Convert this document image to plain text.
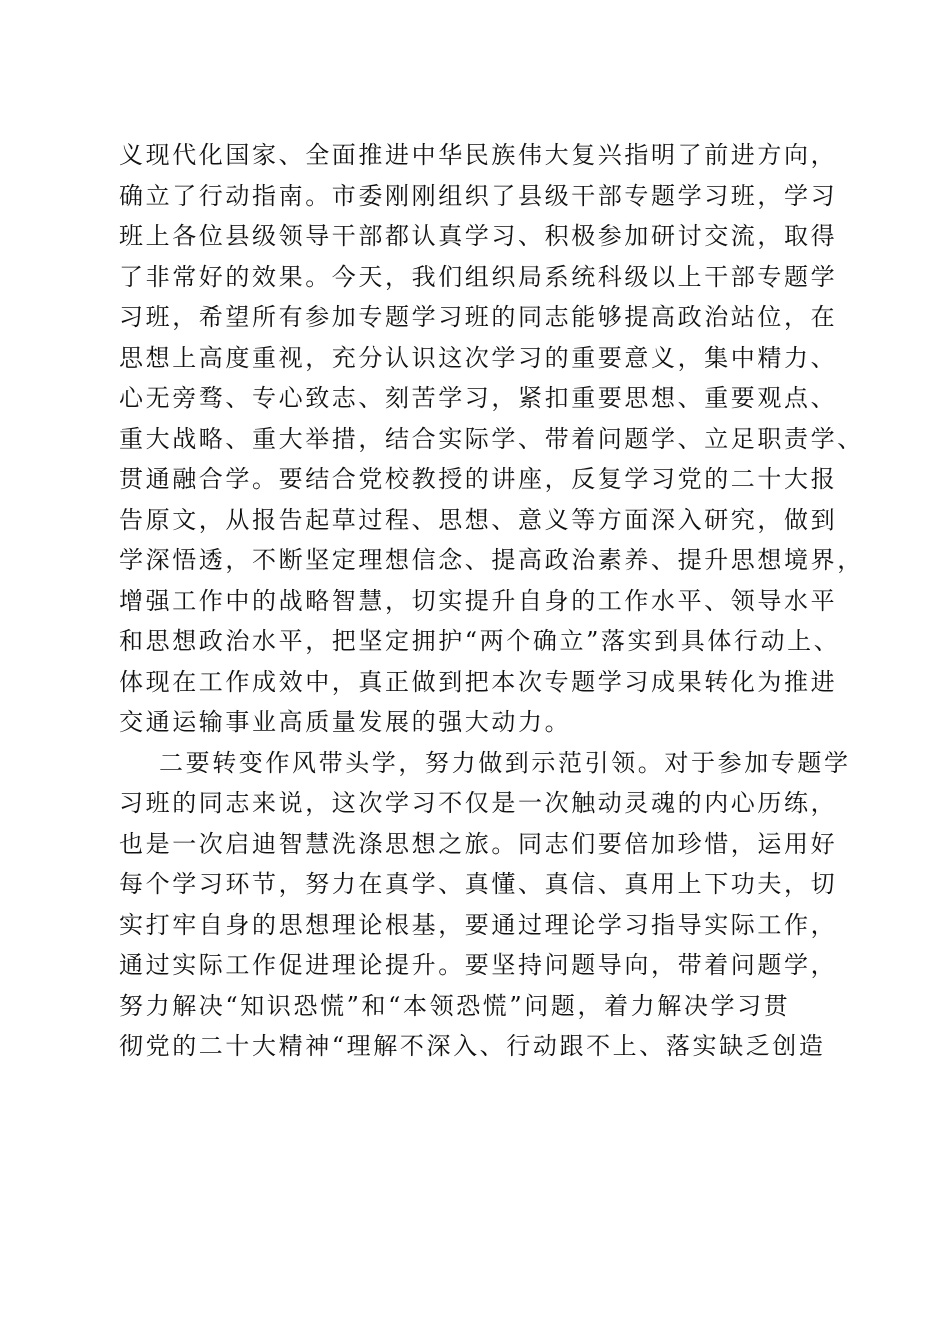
义现代化国家、全面推进中华民族伟大复兴指明了前进方向，
确立了行动指南。市委刚刚组织了县级干部专题学习班，学习
班上各位县级领导干部都认真学习、积极参加研讨交流，取得
了非常好的效果。今天，我们组织局系统科级以上干部专题学
习班，希望所有参加专题学习班的同志能够提高政治站位，在
思想上高度重视，充分认识这次学习的重要意义，集中精力、
心无旁骛、专心致志、刻苦学习，紧扣重要思想、重要观点、
重大战略、重大举措，结合实际学、带着问题学、立足职责学、
贯通融合学。要结合党校教授的讲座，反复学习党的二十大报
告原文，从报告起草过程、思想、意义等方面深入研究，做到
学深悟透，不断坚定理想信念、提高政治素养、提升思想境界，
增强工作中的战略智慧，切实提升自身的工作水平、领导水平
和思想政治水平，把坚定拥护“两个确立”落实到具体行动上、
体现在工作成效中，真正做到把本次专题学习成果转化为推进
交通运输事业高质量发展的强大动力。
二要转变作风带头学，努力做到示范引领。对于参加专题学
习班的同志来说，这次学习不仅是一次触动灵魂的内心历练，
也是一次启迪智慧洗涤思想之旅。同志们要倍加珍惜，运用好
每个学习环节，努力在真学、真懂、真信、真用上下功夫，切
实打牢自身的思想理论根基，要通过理论学习指导实际工作，
通过实际工作促进理论提升。要坚持问题导向，带着问题学，
努力解决“知识恐慌”和“本领恐慌”问题，着力解决学习贯
彻党的二十大精神“理解不深入、行动跟不上、落实缺乏创造
